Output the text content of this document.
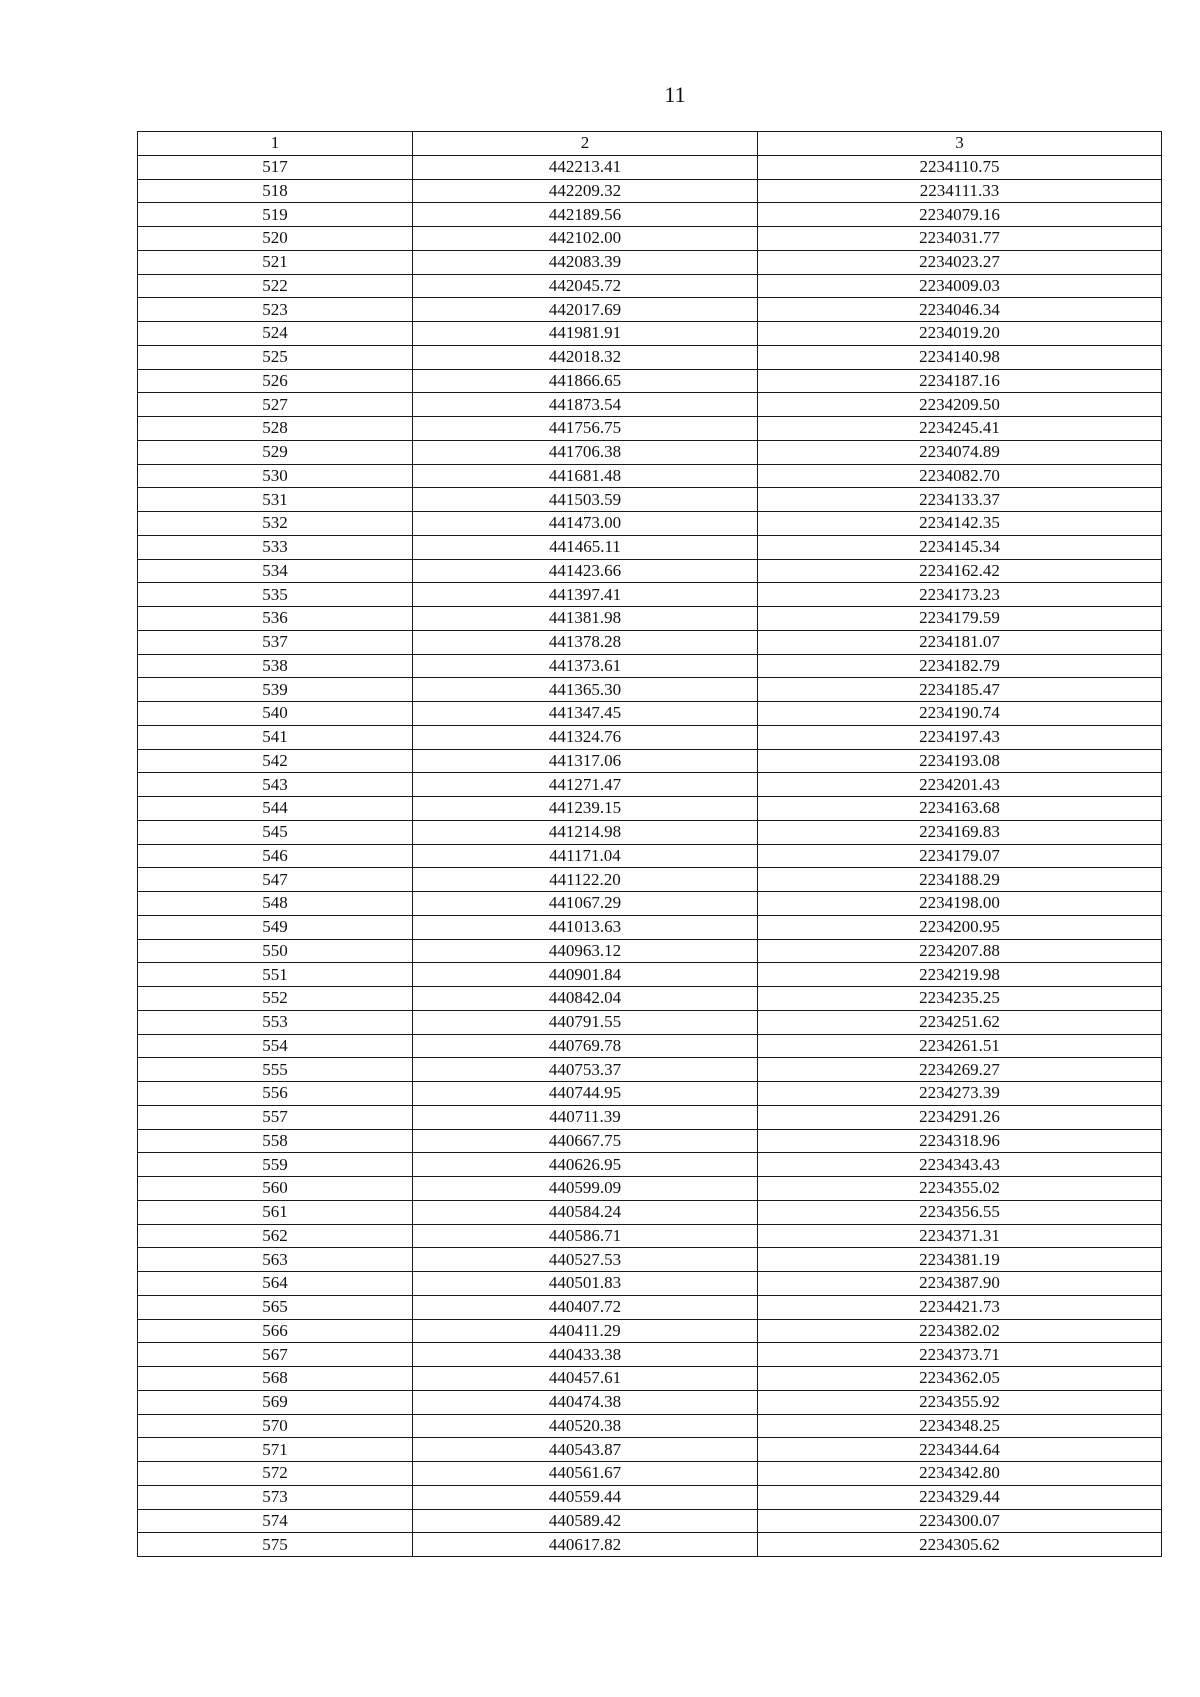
11
1	2	3
517	442213.41	2234110.75
518	442209.32	2234111.33
519	442189.56	2234079.16
520	442102.00	2234031.77
521	442083.39	2234023.27
522	442045.72	2234009.03
523	442017.69	2234046.34
524	441981.91	2234019.20
525	442018.32	2234140.98
526	441866.65	2234187.16
527	441873.54	2234209.50
528	441756.75	2234245.41
529	441706.38	2234074.89
530	441681.48	2234082.70
531	441503.59	2234133.37
532	441473.00	2234142.35
533	441465.11	2234145.34
534	441423.66	2234162.42
535	441397.41	2234173.23
536	441381.98	2234179.59
537	441378.28	2234181.07
538	441373.61	2234182.79
539	441365.30	2234185.47
540	441347.45	2234190.74
541	441324.76	2234197.43
542	441317.06	2234193.08
543	441271.47	2234201.43
544	441239.15	2234163.68
545	441214.98	2234169.83
546	441171.04	2234179.07
547	441122.20	2234188.29
548	441067.29	2234198.00
549	441013.63	2234200.95
550	440963.12	2234207.88
551	440901.84	2234219.98
552	440842.04	2234235.25
553	440791.55	2234251.62
554	440769.78	2234261.51
555	440753.37	2234269.27
556	440744.95	2234273.39
557	440711.39	2234291.26
558	440667.75	2234318.96
559	440626.95	2234343.43
560	440599.09	2234355.02
561	440584.24	2234356.55
562	440586.71	2234371.31
563	440527.53	2234381.19
564	440501.83	2234387.90
565	440407.72	2234421.73
566	440411.29	2234382.02
567	440433.38	2234373.71
568	440457.61	2234362.05
569	440474.38	2234355.92
570	440520.38	2234348.25
571	440543.87	2234344.64
572	440561.67	2234342.80
573	440559.44	2234329.44
574	440589.42	2234300.07
575	440617.82	2234305.62
